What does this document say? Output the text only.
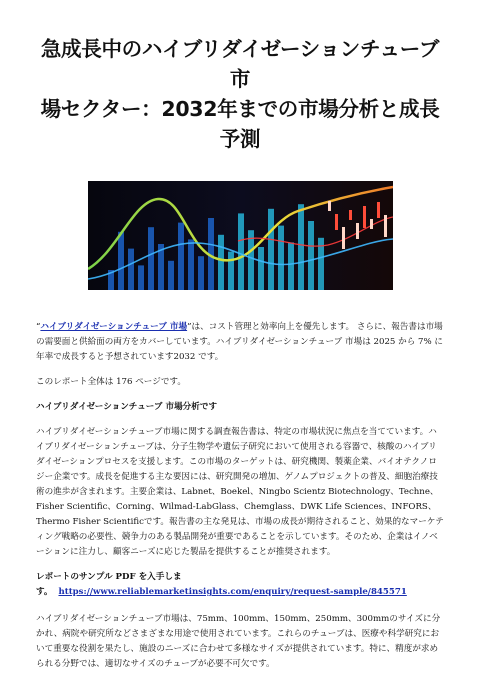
急成長中のハイブリダイゼーションチューブ市
場セクター：2032年までの市場分析と成長予測

“ハイブリダイゼーションチューブ 市場”は、コスト管理と効率向上を優先します。 さらに、報告書は市場の需要面と供給面の両方をカバーしています。ハイブリダイゼーションチューブ 市場は 2025 から 7% に年率で成長すると予想されています2032 です。

このレポート全体は 176 ページです。

ハイブリダイゼーションチューブ 市場分析です

ハイブリダイゼーションチューブ市場に関する調査報告書は、特定の市場状況に焦点を当てています。ハイブリダイゼーションチューブは、分子生物学や遺伝子研究において使用される容器で、核酸のハイブリダイゼーションプロセスを支援します。この市場のターゲットは、研究機関、製薬企業、バイオテクノロジー企業です。成長を促進する主な要因には、研究開発の増加、ゲノムプロジェクトの普及、細胞治療技術の進歩が含まれます。主要企業は、Labnet、Boekel、Ningbo Scientz Biotechnology、Techne、Fisher Scientific、Corning、Wilmad-LabGlass、Chemglass、DWK Life Sciences、INFORS、Thermo Fisher Scientificです。報告書の主な発見は、市場の成長が期待されること、効果的なマーケティング戦略の必要性、競争力のある製品開発が重要であることを示しています。そのため、企業はイノベーションに注力し、顧客ニーズに応じた製品を提供することが推奨されます。

レポートのサンプル PDF を入手しま
す。 https://www.reliablemarketinsights.com/enquiry/request-sample/845571

ハイブリダイゼーションチューブ市場は、75mm、100mm、150mm、250mm、300mmのサイズに分かれ、病院や研究所などさまざまな用途で使用されています。これらのチューブは、医療や科学研究において重要な役割を果たし、施設のニーズに合わせて多様なサイズが提供されています。特に、精度が求められる分野では、適切なサイズのチューブが必要不可欠です。
